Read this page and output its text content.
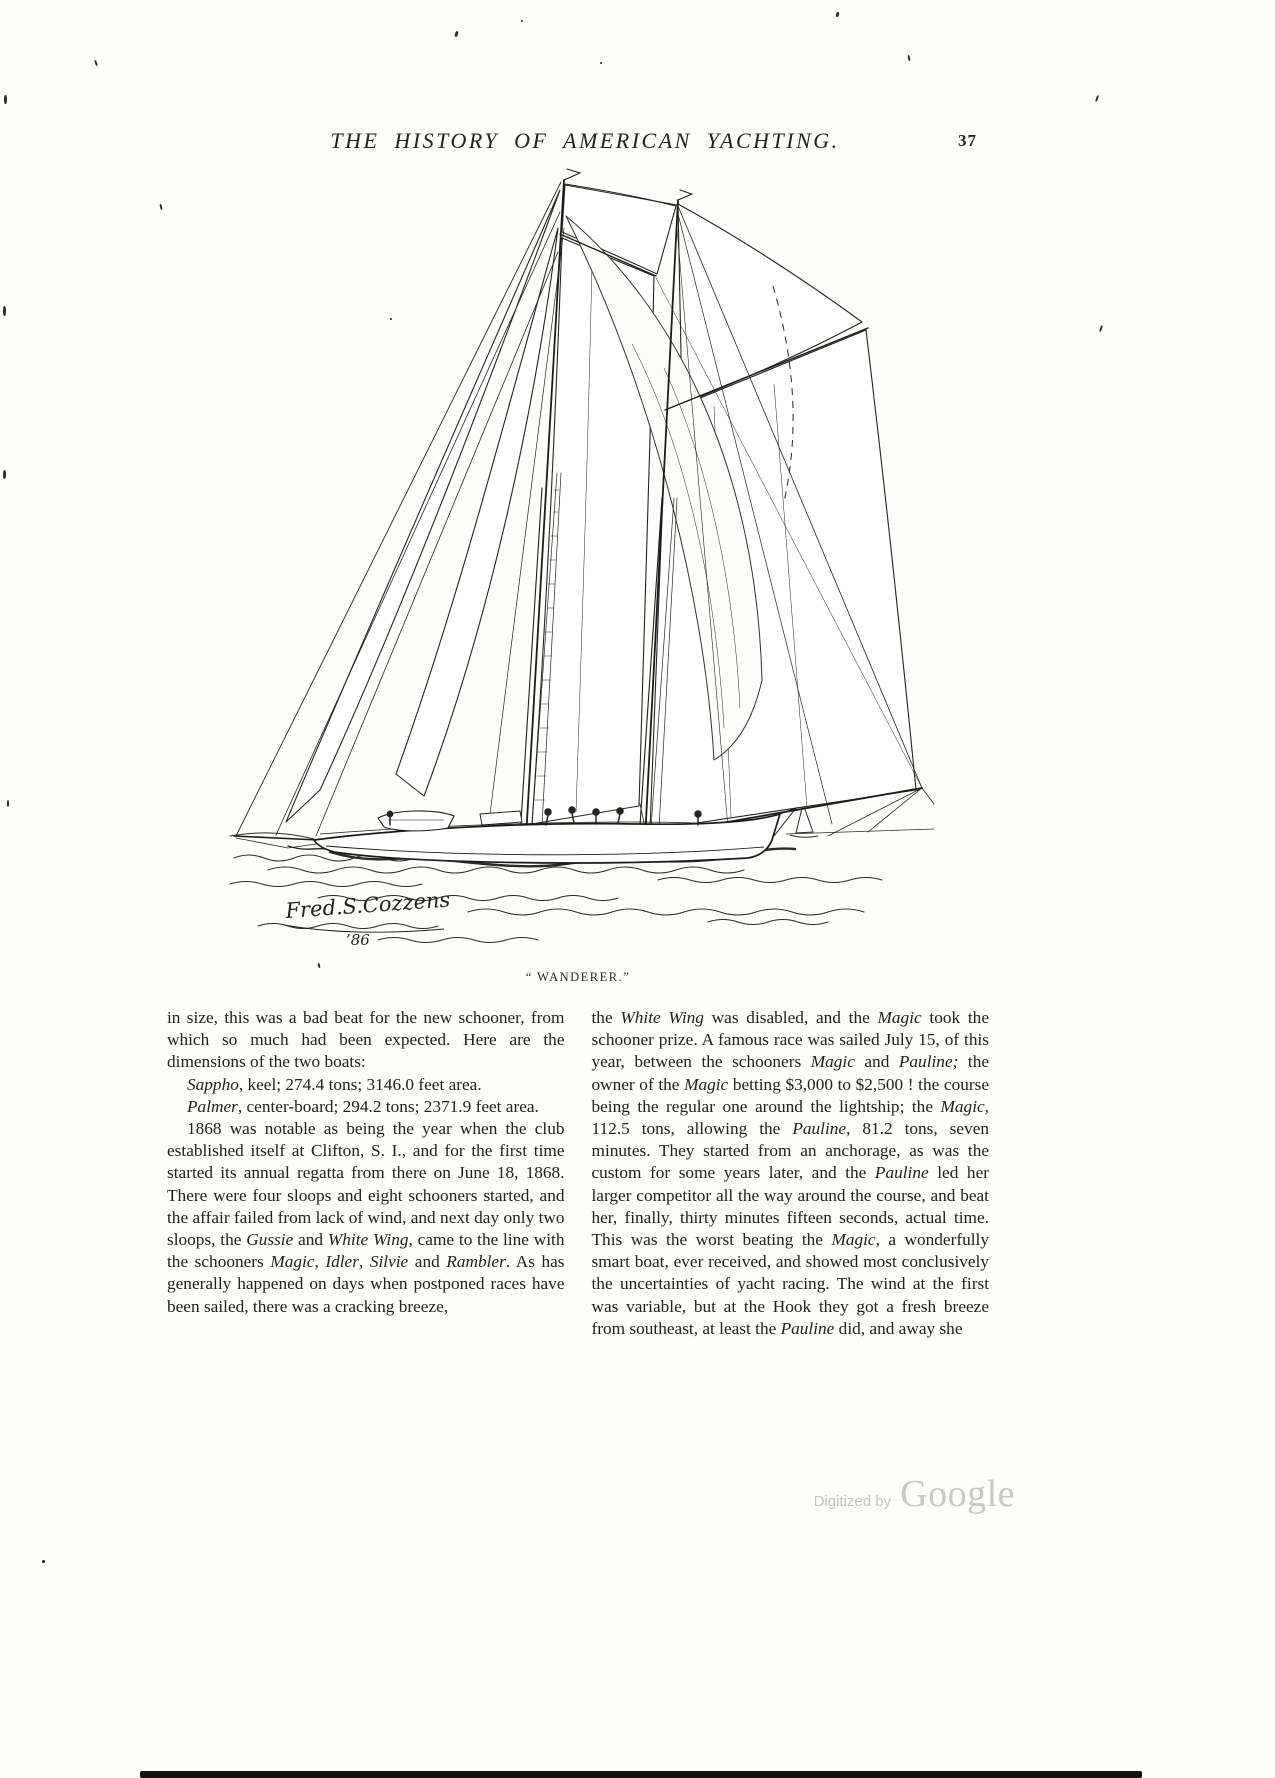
THE HISTORY OF AMERICAN YACHTING.	37
Fred.S.Cozzens
’86
“ WANDERER.”

in size, this was a bad beat for the new schooner, from which so much had been expected. Here are the dimensions of the two boats:

Sappho, keel; 274.4 tons; 3146.0 feet area.

Palmer, center-board; 294.2 tons; 2371.9 feet area.

1868 was notable as being the year when the club established itself at Clifton, S. I., and for the first time started its annual regatta from there on June 18, 1868. There were four sloops and eight schooners started, and the affair failed from lack of wind, and next day only two sloops, the Gussie and White Wing, came to the line with the schooners Magic, Idler, Silvie and Rambler. As has generally happened on days when postponed races have been sailed, there was a cracking breeze,

the White Wing was disabled, and the Magic took the schooner prize. A famous race was sailed July 15, of this year, between the schooners Magic and Pauline; the owner of the Magic betting $3,000 to $2,500 ! the course being the regular one around the lightship; the Magic, 112.5 tons, allowing the Pauline, 81.2 tons, seven minutes. They started from an anchorage, as was the custom for some years later, and the Pauline led her larger competitor all the way around the course, and beat her, finally, thirty minutes fifteen seconds, actual time. This was the worst beating the Magic, a wonderfully smart boat, ever received, and showed most conclusively the uncertainties of yacht racing. The wind at the first was variable, but at the Hook they got a fresh breeze from southeast, at least the Pauline did, and away she

Digitized by Google
